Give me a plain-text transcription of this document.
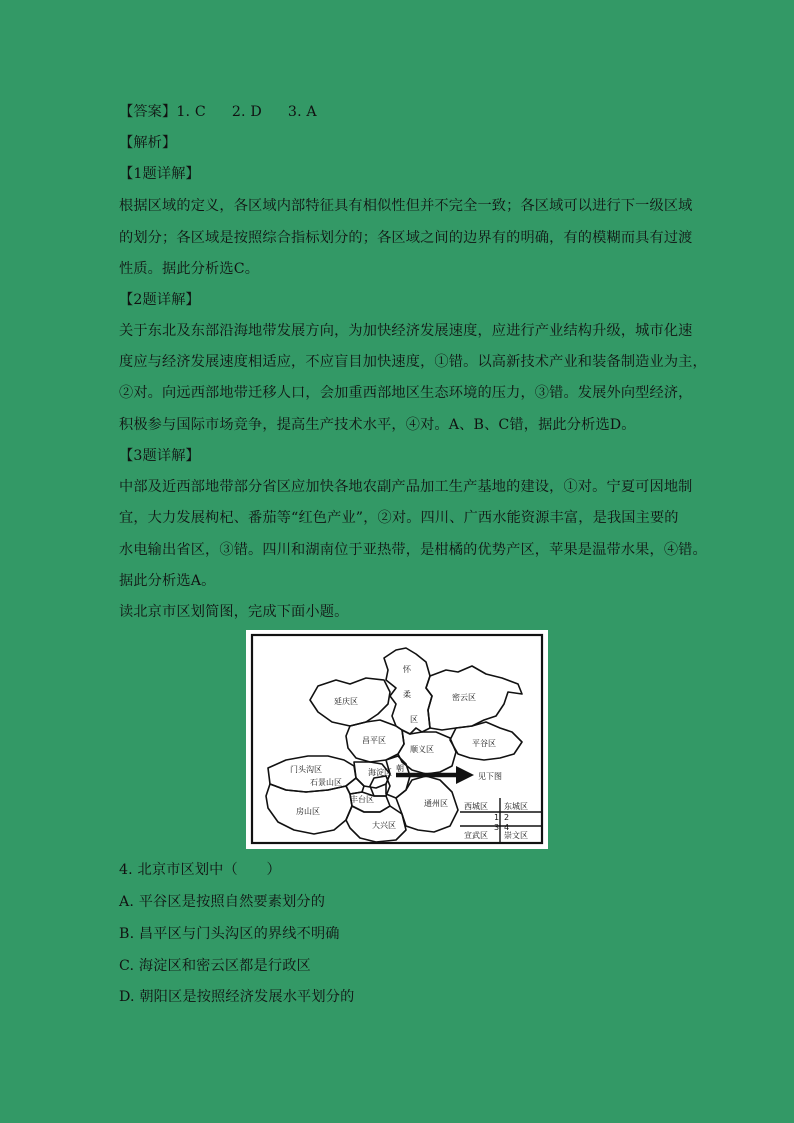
【答案】1. C 2. D 3. A
【解析】
【1题详解】
根据区域的定义，各区域内部特征具有相似性但并不完全一致；各区域可以进行下一级区域
的划分；各区域是按照综合指标划分的；各区域之间的边界有的明确，有的模糊而具有过渡
性质。据此分析选C。
【2题详解】
关于东北及东部沿海地带发展方向，为加快经济发展速度，应进行产业结构升级，城市化速
度应与经济发展速度相适应，不应盲目加快速度，①错。以高新技术产业和装备制造业为主，
②对。向远西部地带迁移人口，会加重西部地区生态环境的压力，③错。发展外向型经济，
积极参与国际市场竞争，提高生产技术水平，④对。A、B、C错，据此分析选D。
【3题详解】
中部及近西部地带部分省区应加快各地农副产品加工生产基地的建设，①对。宁夏可因地制
宜，大力发展枸杞、番茄等“红色产业”，②对。四川、广西水能资源丰富，是我国主要的
水电输出省区，③错。四川和湖南位于亚热带，是柑橘的优势产区，苹果是温带水果，④错。
据此分析选A。
读北京市区划简图，完成下面小题。
怀
柔
区
延庆区	密云区
昌平区
顺义区
平谷区
海淀区
门头沟区
石景山区
朝
丰台区
房山区
大兴区
通州区
见下图
西城区 东城区
1 2
3 4
宣武区 崇文区
4. 北京市区划中（　　）
A. 平谷区是按照自然要素划分的
B. 昌平区与门头沟区的界线不明确
C. 海淀区和密云区都是行政区
D. 朝阳区是按照经济发展水平划分的
